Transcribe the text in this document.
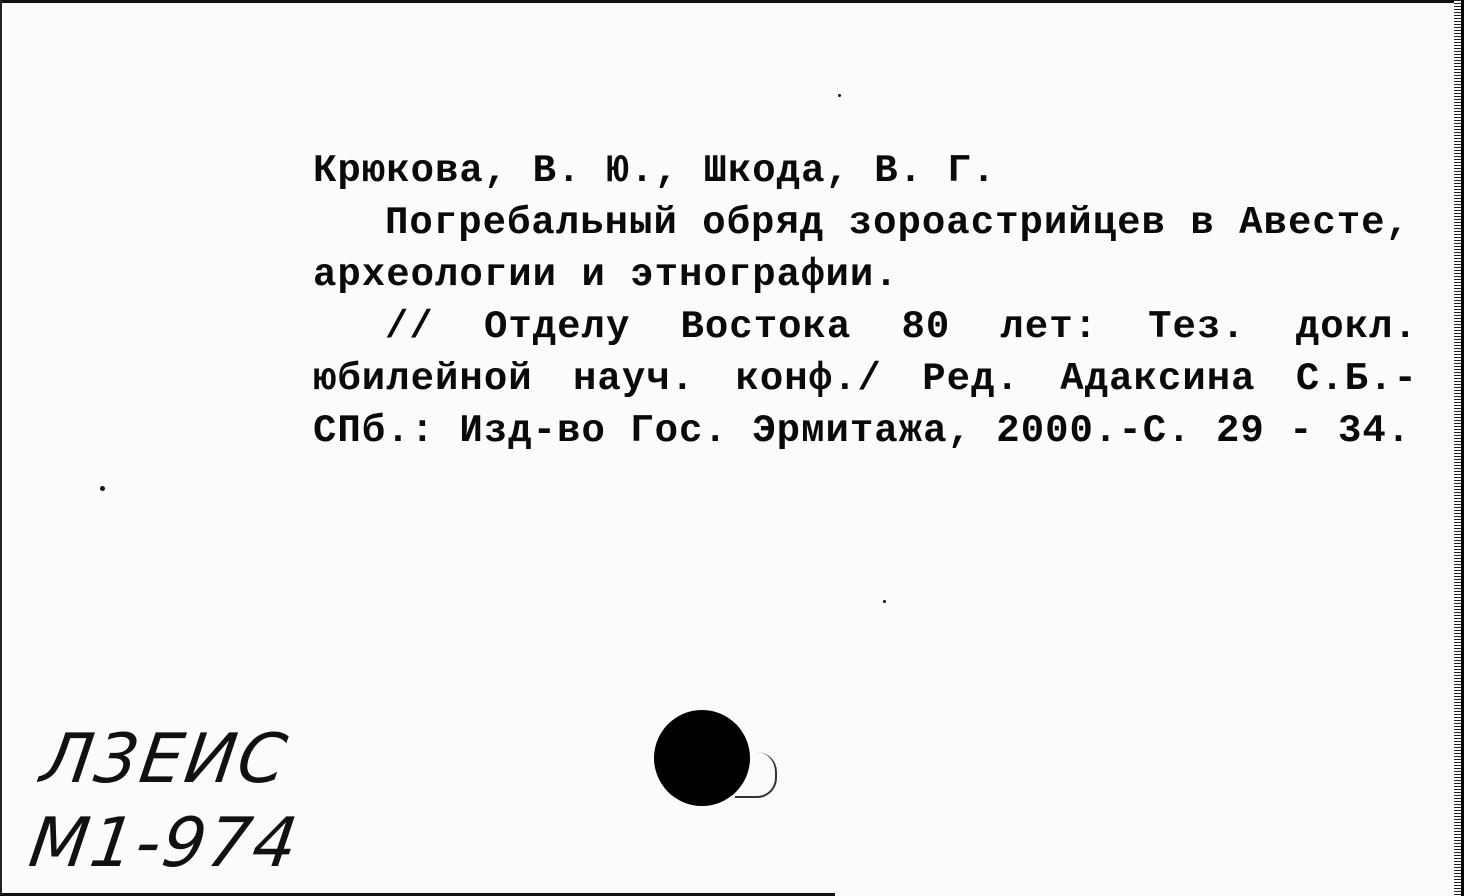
Крюкова, В. Ю., Шкода, В. Г.
Погребальный обряд зороастрийцев в Авесте,
археологии и этнографии.
// Отделу Востока 80 лет: Тез. докл.
юбилейной науч. конф./ Ред. Адаксина С.Б.-
СПб.: Изд-во Гос. Эрмитажа, 2000.-С. 29 - 34.
Л3ЕИС
М1-974
